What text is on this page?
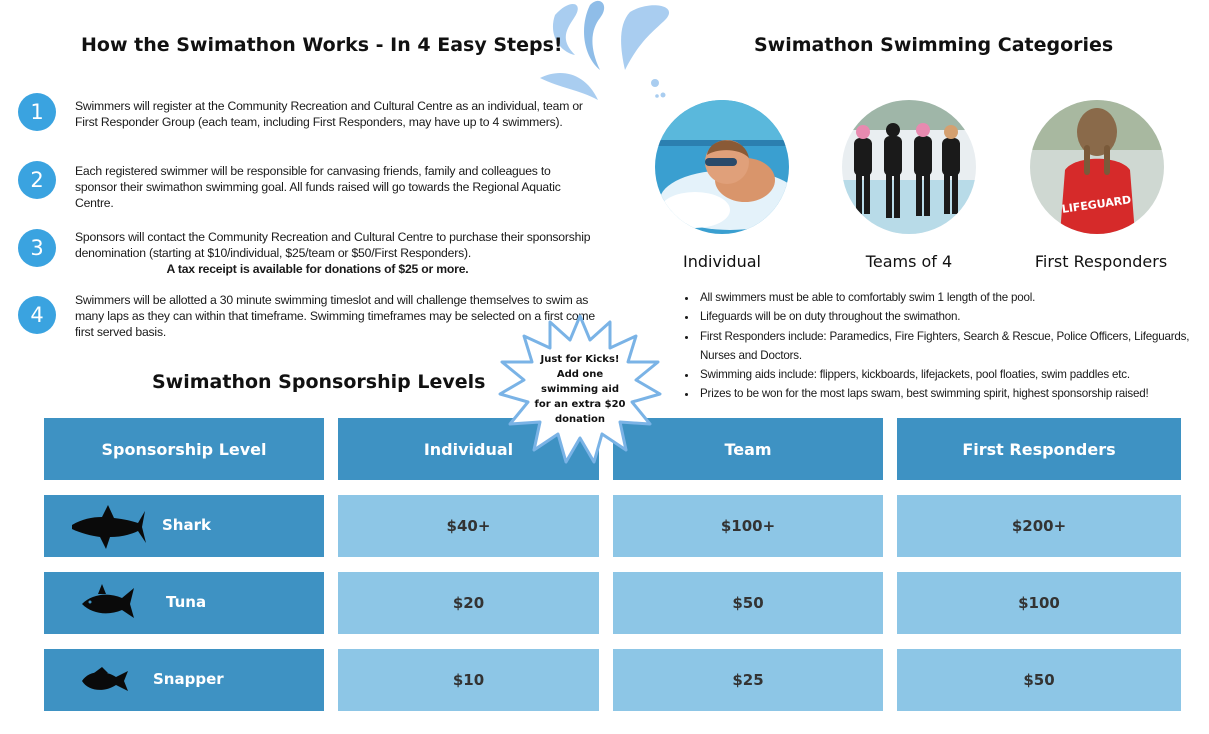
How the Swimathon Works - In 4 Easy Steps!
1	Swimmers will register at the Community Recreation and Cultural Centre as an individual, team or First Responder Group (each team, including First Responders, may have up to 4 swimmers).
2	Each registered swimmer will be responsible for canvasing friends, family and colleagues to sponsor their swimathon swimming goal. All funds raised will go towards the Regional Aquatic Centre.
3	Sponsors will contact the Community Recreation and Cultural Centre to purchase their sponsorship denomination (starting at $10/individual, $25/team or $50/First Responders).
A tax receipt is available for donations of $25 or more.
4
Swimmers will be allotted a 30 minute swimming timeslot and will challenge themselves to swim as many laps as they can within that timeframe. Swimming timeframes may be selected on a first come first served basis.
Swimathon Swimming Categories
LIFEGUARD
Individual	Teams of 4	First Responders
• All swimmers must be able to comfortably swim 1 length of the pool.
• Lifeguards will be on duty throughout the swimathon.
• First Responders include: Paramedics, Fire Fighters, Search & Rescue, Police Officers, Lifeguards, Nurses and Doctors.
• Swimming aids include: flippers, kickboards, lifejackets, pool floaties, swim paddles etc.
• Prizes to be won for the most laps swam, best swimming spirit, highest sponsorship raised!
Swimathon Sponsorship Levels
Sponsorship Level	Individual	Team	First Responders
Shark	$40+	$100+	$200+
Tuna	$20	$50	$100
Snapper	$10	$25	$50
Just for Kicks!
Add one
swimming aid
for an extra $20
donation
